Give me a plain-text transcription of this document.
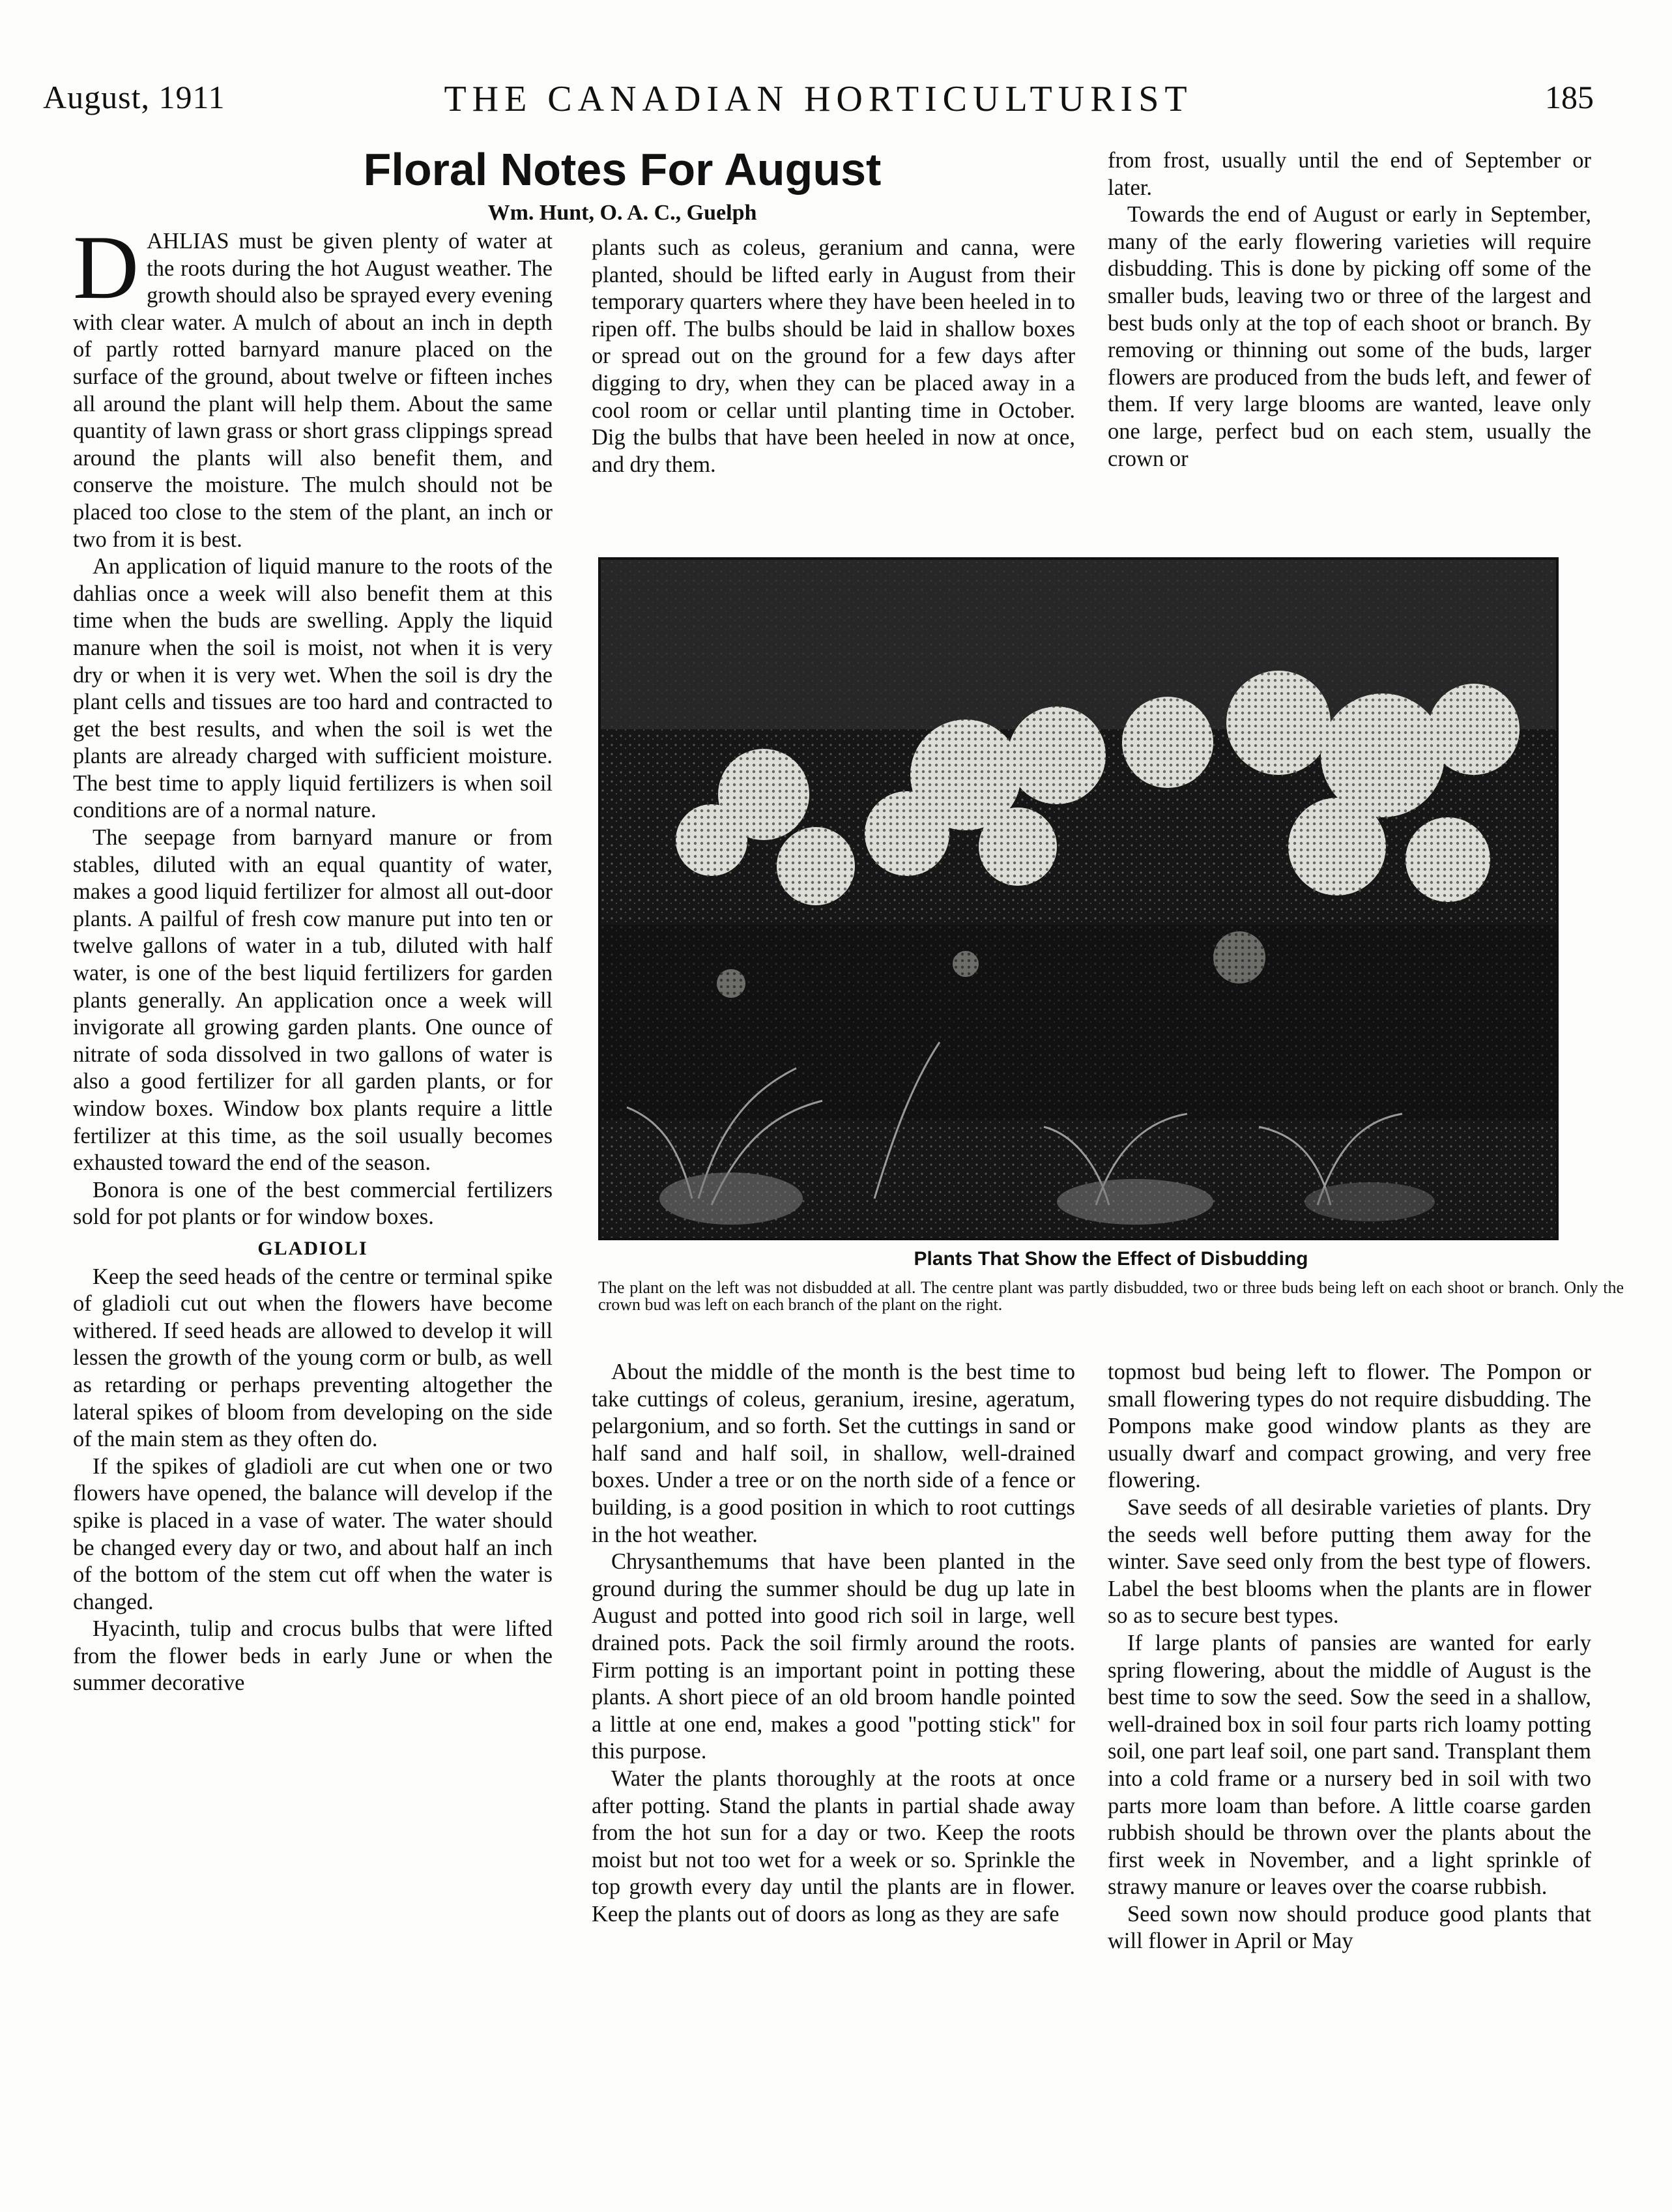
August, 1911	THE CANADIAN HORTICULTURIST	185
Floral Notes For August
Wm. Hunt, O. A. C., Guelph

DAHLIAS must be given plenty of water at the roots during the hot August weather. The growth should also be sprayed every evening with clear water. A mulch of about an inch in depth of partly rotted barnyard manure placed on the surface of the ground, about twelve or fifteen inches all around the plant will help them. About the same quantity of lawn grass or short grass clippings spread around the plants will also benefit them, and conserve the moisture. The mulch should not be placed too close to the stem of the plant, an inch or two from it is best.

An application of liquid manure to the roots of the dahlias once a week will also benefit them at this time when the buds are swelling. Apply the liquid manure when the soil is moist, not when it is very dry or when it is very wet. When the soil is dry the plant cells and tissues are too hard and contracted to get the best results, and when the soil is wet the plants are already charged with sufficient moisture. The best time to apply liquid fertilizers is when soil conditions are of a normal nature.

The seepage from barnyard manure or from stables, diluted with an equal quantity of water, makes a good liquid fertilizer for almost all out-door plants. A pailful of fresh cow manure put into ten or twelve gallons of water in a tub, diluted with half water, is one of the best liquid fertilizers for garden plants generally. An application once a week will invigorate all growing garden plants. One ounce of nitrate of soda dissolved in two gallons of water is also a good fertilizer for all garden plants, or for window boxes. Window box plants require a little fertilizer at this time, as the soil usually becomes exhausted toward the end of the season.

Bonora is one of the best commercial fertilizers sold for pot plants or for window boxes.

GLADIOLI

Keep the seed heads of the centre or terminal spike of gladioli cut out when the flowers have become withered. If seed heads are allowed to develop it will lessen the growth of the young corm or bulb, as well as retarding or perhaps preventing altogether the lateral spikes of bloom from developing on the side of the main stem as they often do.

If the spikes of gladioli are cut when one or two flowers have opened, the balance will develop if the spike is placed in a vase of water. The water should be changed every day or two, and about half an inch of the bottom of the stem cut off when the water is changed.

Hyacinth, tulip and crocus bulbs that were lifted from the flower beds in early June or when the summer decorative

plants such as coleus, geranium and canna, were planted, should be lifted early in August from their temporary quarters where they have been heeled in to ripen off. The bulbs should be laid in shallow boxes or spread out on the ground for a few days after digging to dry, when they can be placed away in a cool room or cellar until planting time in October. Dig the bulbs that have been heeled in now at once, and dry them.

from frost, usually until the end of September or later.

Towards the end of August or early in September, many of the early flowering varieties will require disbudding. This is done by picking off some of the smaller buds, leaving two or three of the largest and best buds only at the top of each shoot or branch. By removing or thinning out some of the buds, larger flowers are produced from the buds left, and fewer of them. If very large blooms are wanted, leave only one large, perfect bud on each stem, usually the crown or

Plants That Show the Effect of Disbudding
The plant on the left was not disbudded at all. The centre plant was partly disbudded, two or three buds being left on each shoot or branch. Only the crown bud was left on each branch of the plant on the right.

About the middle of the month is the best time to take cuttings of coleus, geranium, iresine, ageratum, pelargonium, and so forth. Set the cuttings in sand or half sand and half soil, in shallow, well-drained boxes. Under a tree or on the north side of a fence or building, is a good position in which to root cuttings in the hot weather.

Chrysanthemums that have been planted in the ground during the summer should be dug up late in August and potted into good rich soil in large, well drained pots. Pack the soil firmly around the roots. Firm potting is an important point in potting these plants. A short piece of an old broom handle pointed a little at one end, makes a good "potting stick" for this purpose.

Water the plants thoroughly at the roots at once after potting. Stand the plants in partial shade away from the hot sun for a day or two. Keep the roots moist but not too wet for a week or so. Sprinkle the top growth every day until the plants are in flower. Keep the plants out of doors as long as they are safe

topmost bud being left to flower. The Pompon or small flowering types do not require disbudding. The Pompons make good window plants as they are usually dwarf and compact growing, and very free flowering.

Save seeds of all desirable varieties of plants. Dry the seeds well before putting them away for the winter. Save seed only from the best type of flowers. Label the best blooms when the plants are in flower so as to secure best types.

If large plants of pansies are wanted for early spring flowering, about the middle of August is the best time to sow the seed. Sow the seed in a shallow, well-drained box in soil four parts rich loamy potting soil, one part leaf soil, one part sand. Transplant them into a cold frame or a nursery bed in soil with two parts more loam than before. A little coarse garden rubbish should be thrown over the plants about the first week in November, and a light sprinkle of strawy manure or leaves over the coarse rubbish.

Seed sown now should produce good plants that will flower in April or May
